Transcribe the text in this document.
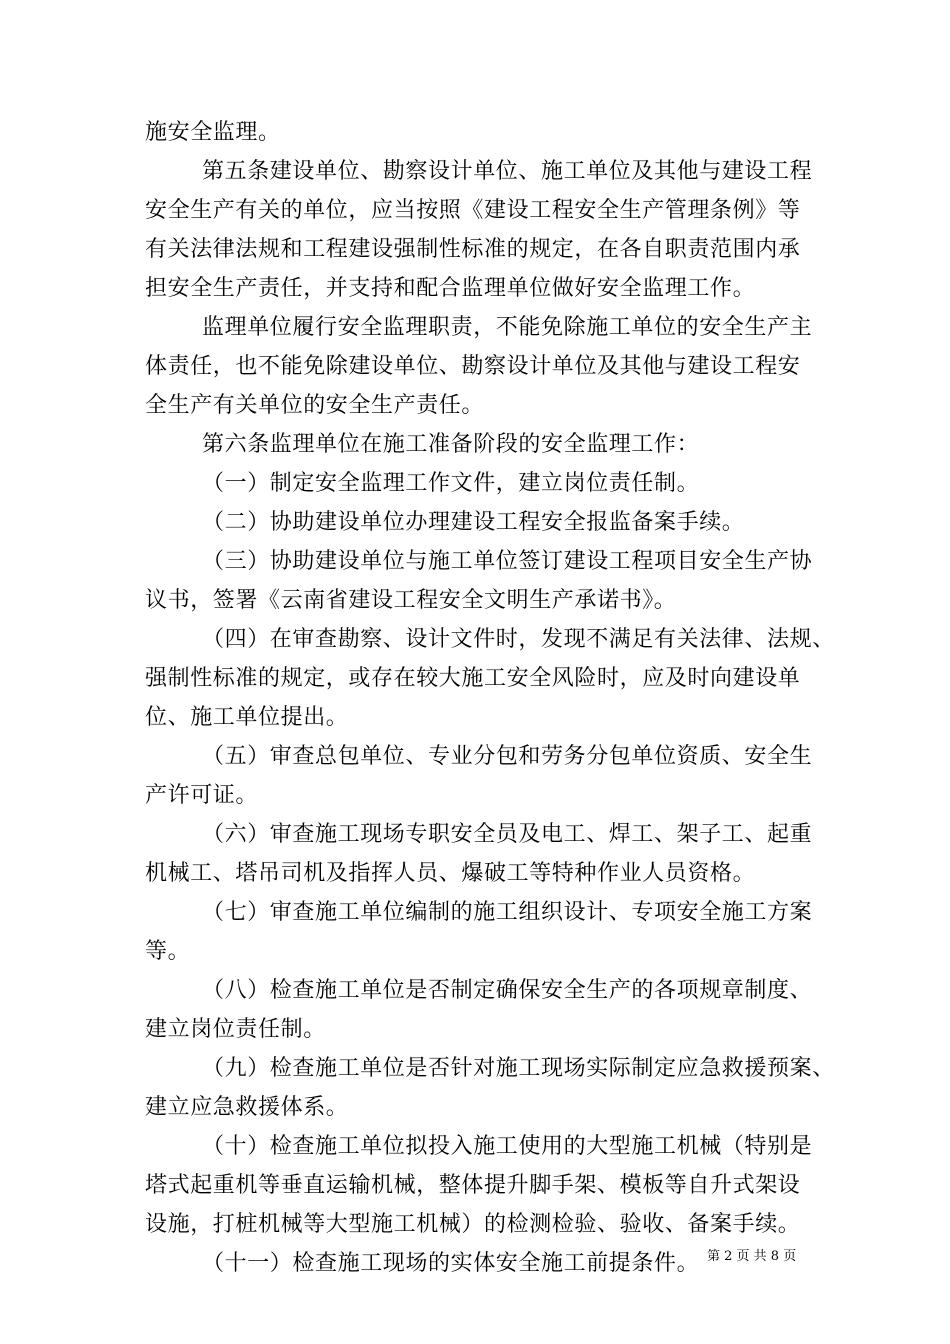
施安全监理。
第五条建设单位、勘察设计单位、施工单位及其他与建设工程
安全生产有关的单位，应当按照《建设工程安全生产管理条例》等
有关法律法规和工程建设强制性标准的规定，在各自职责范围内承
担安全生产责任，并支持和配合监理单位做好安全监理工作。
监理单位履行安全监理职责，不能免除施工单位的安全生产主
体责任，也不能免除建设单位、勘察设计单位及其他与建设工程安
全生产有关单位的安全生产责任。
第六条监理单位在施工准备阶段的安全监理工作：
（一）制定安全监理工作文件，建立岗位责任制。
（二）协助建设单位办理建设工程安全报监备案手续。
（三）协助建设单位与施工单位签订建设工程项目安全生产协
议书，签署《云南省建设工程安全文明生产承诺书》。
（四）在审查勘察、设计文件时，发现不满足有关法律、法规、
强制性标准的规定，或存在较大施工安全风险时，应及时向建设单
位、施工单位提出。
（五）审查总包单位、专业分包和劳务分包单位资质、安全生
产许可证。
（六）审查施工现场专职安全员及电工、焊工、架子工、起重
机械工、塔吊司机及指挥人员、爆破工等特种作业人员资格。
（七）审查施工单位编制的施工组织设计、专项安全施工方案
等。
（八）检查施工单位是否制定确保安全生产的各项规章制度、
建立岗位责任制。
（九）检查施工单位是否针对施工现场实际制定应急救援预案、
建立应急救援体系。
（十）检查施工单位拟投入施工使用的大型施工机械（特别是
塔式起重机等垂直运输机械，整体提升脚手架、模板等自升式架设
设施，打桩机械等大型施工机械）的检测检验、验收、备案手续。
（十一）检查施工现场的实体安全施工前提条件。 第 2 页 共 8 页
